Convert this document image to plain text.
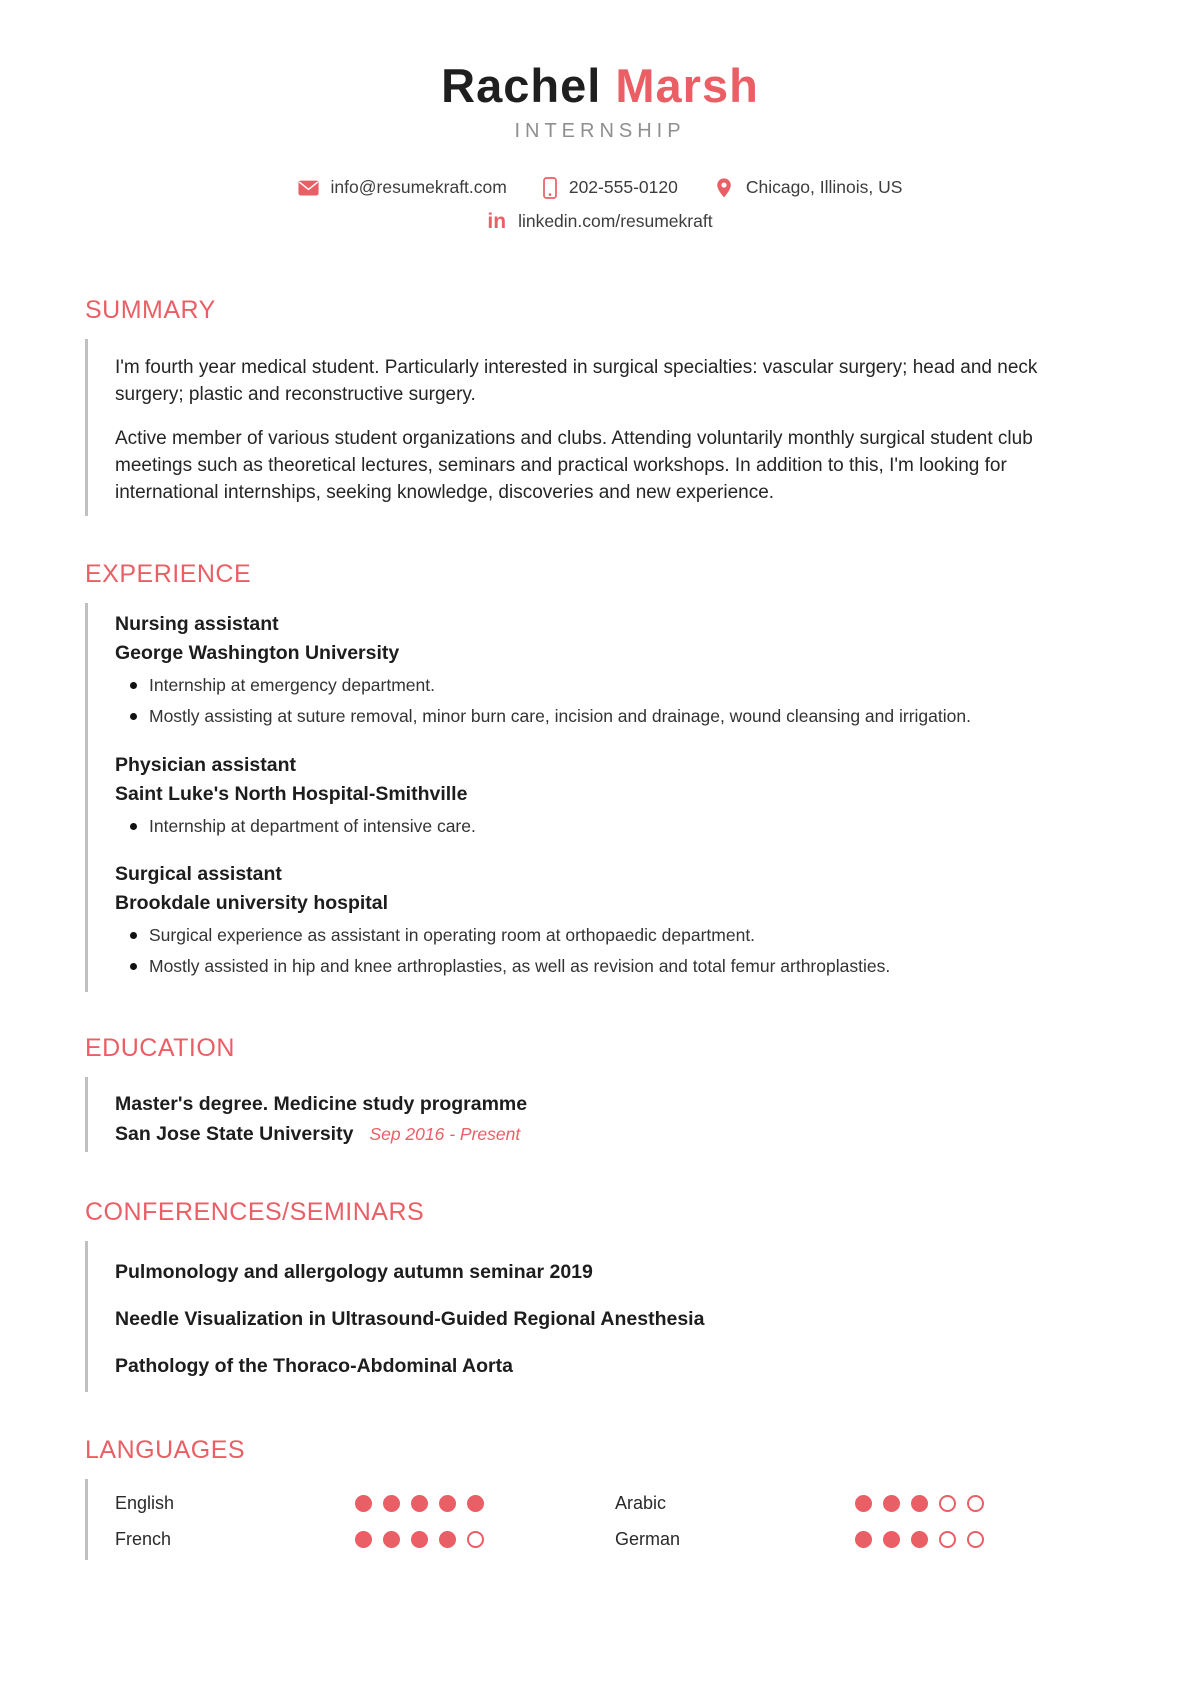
Rachel Marsh
INTERNSHIP
info@resumekraft.com	202-555-0120	Chicago, Illinois, US
in linkedin.com/resumekraft
SUMMARY

I'm fourth year medical student. Particularly interested in surgical specialties: vascular surgery; head and neck surgery; plastic and reconstructive surgery.

Active member of various student organizations and clubs. Attending voluntarily monthly surgical student club meetings such as theoretical lectures, seminars and practical workshops. In addition to this, I'm looking for international internships, seeking knowledge, discoveries and new experience.

EXPERIENCE
Nursing assistant
George Washington University
Internship at emergency department.
Mostly assisting at suture removal, minor burn care, incision and drainage, wound cleansing and irrigation.
Physician assistant
Saint Luke's North Hospital-Smithville
Internship at department of intensive care.
Surgical assistant
Brookdale university hospital
Surgical experience as assistant in operating room at orthopaedic department.
Mostly assisted in hip and knee arthroplasties, as well as revision and total femur arthroplasties.
EDUCATION
Master's degree. Medicine study programme
San Jose State University Sep 2016 - Present
CONFERENCES/SEMINARS
Pulmonology and allergology autumn seminar 2019
Needle Visualization in Ultrasound-Guided Regional Anesthesia
Pathology of the Thoraco-Abdominal Aorta
LANGUAGES
English	Arabic
French	German
